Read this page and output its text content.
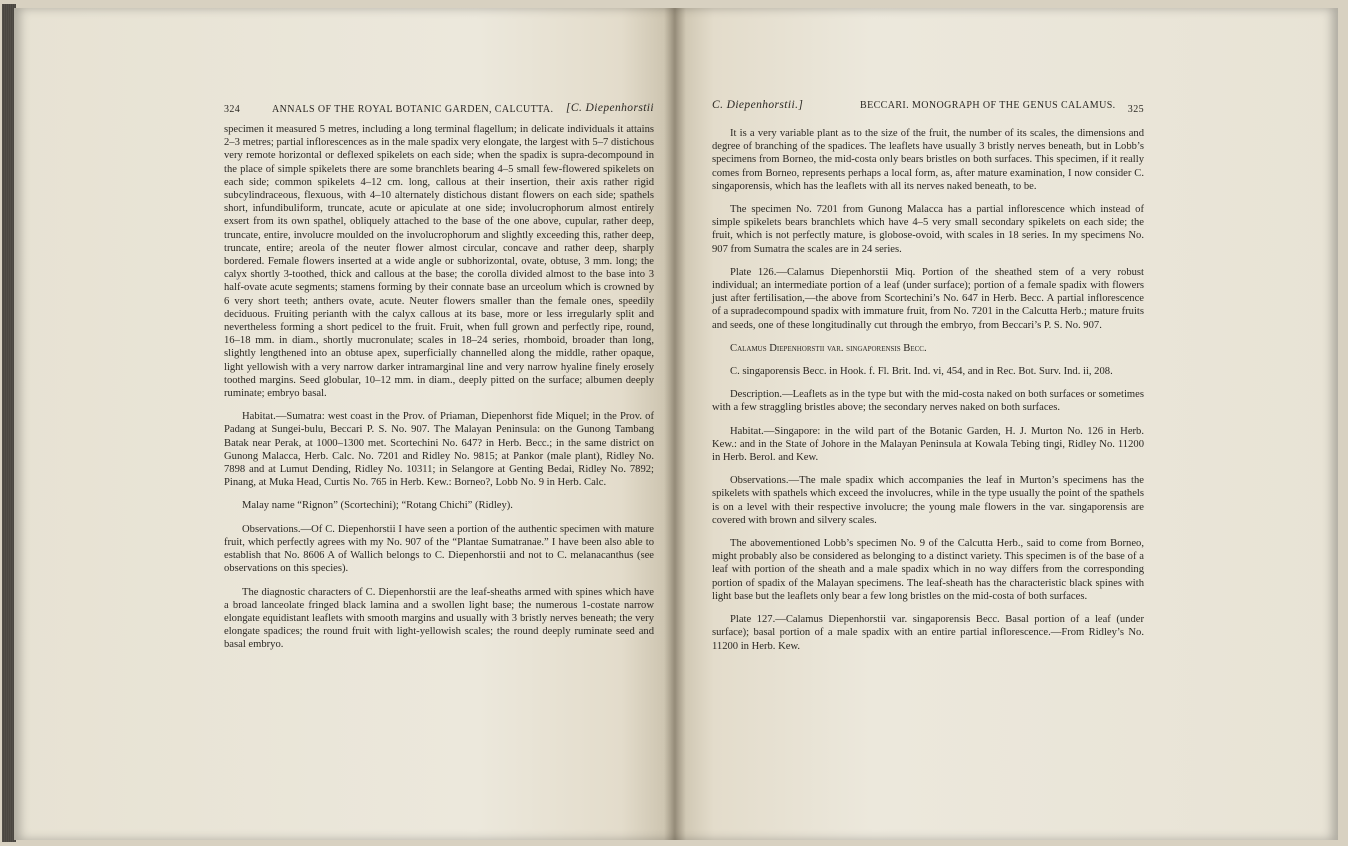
324	ANNALS OF THE ROYAL BOTANIC GARDEN, CALCUTTA. [C. Diepenhorstii

specimen it measured 5 metres, including a long terminal flagellum; in delicate individuals it attains 2–3 metres; partial inflorescences as in the male spadix very elongate, the largest with 5–7 distichous very remote horizontal or deflexed spikelets on each side; when the spadix is supra-decompound in the place of simple spikelets there are some branchlets bearing 4–5 small few-flowered spikelets on each side; common spikelets 4–12 cm. long, callous at their insertion, their axis rather rigid subcylindraceous, flexuous, with 4–10 alternately distichous distant flowers on each side; spathels short, infundibuliform, truncate, acute or apiculate at one side; involucrophorum almost entirely exsert from its own spathel, obliquely attached to the base of the one above, cupular, rather deep, truncate, entire, involucre moulded on the involucrophorum and slightly exceeding this, rather deep, truncate, entire; areola of the neuter flower almost circular, concave and rather deep, sharply bordered. Female flowers inserted at a wide angle or subhorizontal, ovate, obtuse, 3 mm. long; the calyx shortly 3-toothed, thick and callous at the base; the corolla divided almost to the base into 3 half-ovate acute segments; stamens forming by their connate base an urceolum which is crowned by 6 very short teeth; anthers ovate, acute. Neuter flowers smaller than the female ones, speedily deciduous. Fruiting perianth with the calyx callous at its base, more or less irregularly split and nevertheless forming a short pedicel to the fruit. Fruit, when full grown and perfectly ripe, round, 16–18 mm. in diam., shortly mucronulate; scales in 18–24 series, rhomboid, broader than long, slightly lengthened into an obtuse apex, superficially channelled along the middle, rather opaque, light yellowish with a very narrow darker intramarginal line and very narrow hyaline finely erosely toothed margins. Seed globular, 10–12 mm. in diam., deeply pitted on the surface; albumen deeply ruminate; embryo basal.

Habitat.—Sumatra: west coast in the Prov. of Priaman, Diepenhorst fide Miquel; in the Prov. of Padang at Sungei-bulu, Beccari P. S. No. 907. The Malayan Peninsula: on the Gunong Tambang Batak near Perak, at 1000–1300 met. Scortechini No. 647? in Herb. Becc.; in the same district on Gunong Malacca, Herb. Calc. No. 7201 and Ridley No. 9815; at Pankor (male plant), Ridley No. 7898 and at Lumut Dending, Ridley No. 10311; in Selangore at Genting Bedai, Ridley No. 7892; Pinang, at Muka Head, Curtis No. 765 in Herb. Kew.: Borneo?, Lobb No. 9 in Herb. Calc.

Malay name “Rignon” (Scortechini); “Rotang Chichi” (Ridley).

Observations.—Of C. Diepenhorstii I have seen a portion of the authentic specimen with mature fruit, which perfectly agrees with my No. 907 of the “Plantae Sumatranae.” I have been also able to establish that No. 8606 A of Wallich belongs to C. Diepenhorstii and not to C. melanacanthus (see observations on this species).

The diagnostic characters of C. Diepenhorstii are the leaf-sheaths armed with spines which have a broad lanceolate fringed black lamina and a swollen light base; the numerous 1-costate narrow elongate equidistant leaflets with smooth margins and usually with 3 bristly nerves beneath; the very elongate spadices; the round fruit with light-yellowish scales; the round deeply ruminate seed and basal embryo.

C. Diepenhorstii.]	BECCARI. MONOGRAPH OF THE GENUS CALAMUS. 325

It is a very variable plant as to the size of the fruit, the number of its scales, the dimensions and degree of branching of the spadices. The leaflets have usually 3 bristly nerves beneath, but in Lobb’s specimens from Borneo, the mid-costa only bears bristles on both surfaces. This specimen, if it really comes from Borneo, represents perhaps a local form, as, after mature examination, I now consider C. singaporensis, which has the leaflets with all its nerves naked beneath, to be.

The specimen No. 7201 from Gunong Malacca has a partial inflorescence which instead of simple spikelets bears branchlets which have 4–5 very small secondary spikelets on each side; the fruit, which is not perfectly mature, is globose-ovoid, with scales in 18 series. In my specimens No. 907 from Sumatra the scales are in 24 series.

Plate 126.—Calamus Diepenhorstii Miq. Portion of the sheathed stem of a very robust individual; an intermediate portion of a leaf (under surface); portion of a female spadix with flowers just after fertilisation,—the above from Scortechini’s No. 647 in Herb. Becc. A partial inflorescence of a supradecompound spadix with immature fruit, from No. 7201 in the Calcutta Herb.; mature fruits and seeds, one of these longitudinally cut through the embryo, from Beccari’s P. S. No. 907.

Calamus Diepenhorstii var. singaporensis Becc.

C. singaporensis Becc. in Hook. f. Fl. Brit. Ind. vi, 454, and in Rec. Bot. Surv. Ind. ii, 208.

Description.—Leaflets as in the type but with the mid-costa naked on both surfaces or sometimes with a few straggling bristles above; the secondary nerves naked on both surfaces.

Habitat.—Singapore: in the wild part of the Botanic Garden, H. J. Murton No. 126 in Herb. Kew.: and in the State of Johore in the Malayan Peninsula at Kowala Tebing tingi, Ridley No. 11200 in Herb. Berol. and Kew.

Observations.—The male spadix which accompanies the leaf in Murton’s specimens has the spikelets with spathels which exceed the involucres, while in the type usually the point of the spathels is on a level with their respective involucre; the young male flowers in the var. singaporensis are covered with brown and silvery scales.

The abovementioned Lobb’s specimen No. 9 of the Calcutta Herb., said to come from Borneo, might probably also be considered as belonging to a distinct variety. This specimen is of the base of a leaf with portion of the sheath and a male spadix which in no way differs from the corresponding portion of spadix of the Malayan specimens. The leaf-sheath has the characteristic black spines with light base but the leaflets only bear a few long bristles on the mid-costa of both surfaces.

Plate 127.—Calamus Diepenhorstii var. singaporensis Becc. Basal portion of a leaf (under surface); basal portion of a male spadix with an entire partial inflorescence.—From Ridley’s No. 11200 in Herb. Kew.
